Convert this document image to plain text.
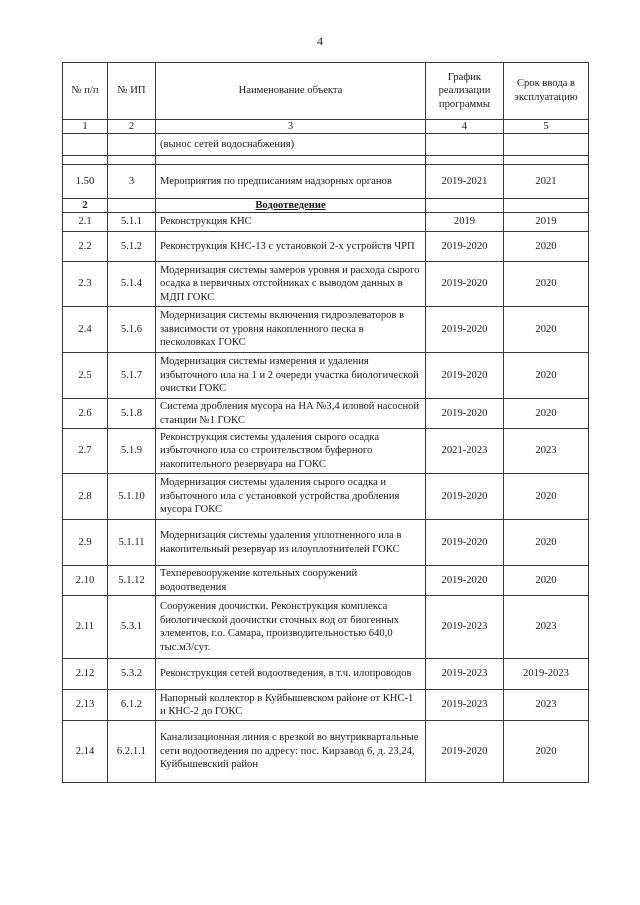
4
№ п/п	№ ИП	Наименование объекта	График реализации программы	Срок ввода в эксплуатацию
1	2	3	4	5
		(вынос сетей водоснабжения)		

1.50	3	Мероприятия по предписаниям надзорных органов	2019-2021	2021
2		Водоотведение		
2.1	5.1.1	Реконструкция КНС	2019	2019
2.2	5.1.2	Реконструкция КНС-13 с установкой 2-х устройств ЧРП	2019-2020	2020
2.3	5.1.4	Модернизация системы замеров уровня и расхода сырого осадка в первичных отстойниках с выводом данных в МДП ГОКС	2019-2020	2020
2.4	5.1.6	Модернизация системы включения гидроэлеваторов в зависимости от уровня накопленного песка в песколовках ГОКС	2019-2020	2020
2.5	5.1.7	Модернизация системы измерения и удаления избыточного ила на 1 и 2 очереди участка биологической очистки ГОКС	2019-2020	2020
2.6	5.1.8	Система дробления мусора на НА №3,4 иловой насосной станции №1 ГОКС	2019-2020	2020
2.7	5.1.9	Реконструкция системы удаления сырого осадка избыточного ила со строительством буферного накопительного резервуара на ГОКС	2021-2023	2023
2.8	5.1.10	Модернизация системы удаления сырого осадка и избыточного ила с установкой устройства дробления мусора ГОКС	2019-2020	2020
2.9	5.1.11	Модернизация системы удаления уплотненного ила в накопительный резервуар из илоуплотнителей ГОКС	2019-2020	2020
2.10	5.1.12	Техперевооружение котельных сооружений водоотведения	2019-2020	2020
2.11	5.3.1	Сооружения доочистки. Реконструкция комплекса биологической доочистки сточных вод от биогенных элементов, г.о. Самара, производительностью 640,0 тыс.м3/сут.	2019-2023	2023
2.12	5.3.2	Реконструкция сетей водоотведения, в т.ч. илопроводов	2019-2023	2019-2023
2.13	6.1.2	Напорный коллектор в Куйбышевском районе от КНС-1 и КНС-2 до ГОКС	2019-2023	2023
2.14	6.2.1.1	Канализационная линия с врезкой во внутриквартальные сети водоотведения по адресу: пос. Кирзавод 6, д. 23,24, Куйбышевский район	2019-2020	2020
